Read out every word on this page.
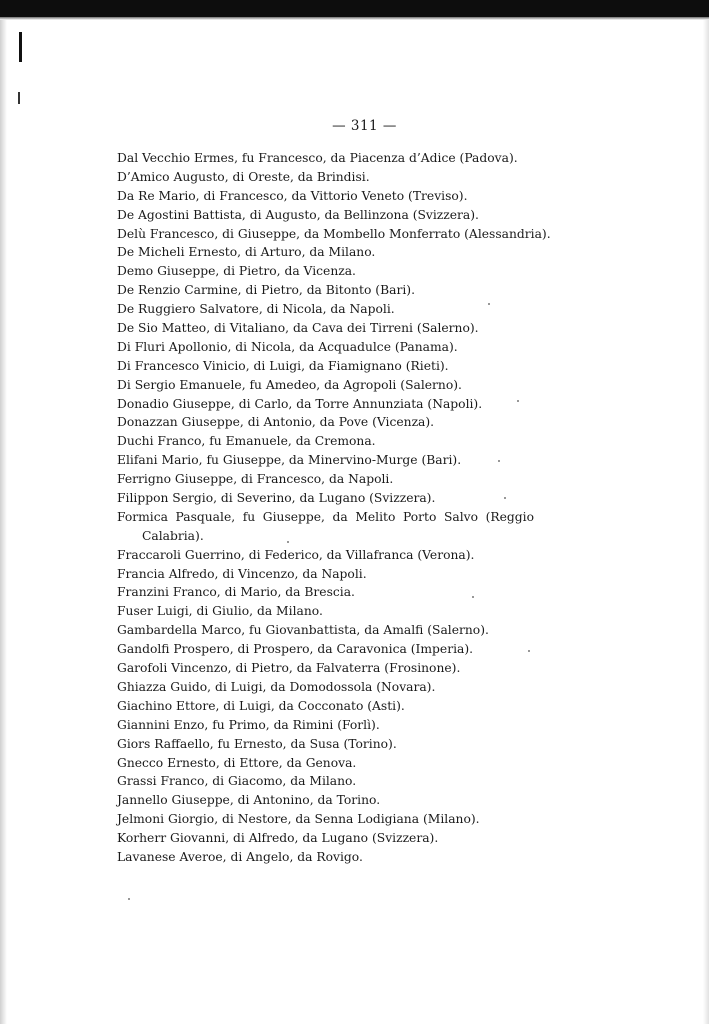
— 311 —
Dal Vecchio Ermes, fu Francesco, da Piacenza d’Adice (Padova).
D’Amico Augusto, di Oreste, da Brindisi.
Da Re Mario, di Francesco, da Vittorio Veneto (Treviso).
De Agostini Battista, di Augusto, da Bellinzona (Svizzera).
Delù Francesco, di Giuseppe, da Mombello Monferrato (Alessandria).
De Micheli Ernesto, di Arturo, da Milano.
Demo Giuseppe, di Pietro, da Vicenza.
De Renzio Carmine, di Pietro, da Bitonto (Bari).
De Ruggiero Salvatore, di Nicola, da Napoli.
De Sio Matteo, di Vitaliano, da Cava dei Tirreni (Salerno).
Di Fluri Apollonio, di Nicola, da Acquadulce (Panama).
Di Francesco Vinicio, di Luigi, da Fiamignano (Rieti).
Di Sergio Emanuele, fu Amedeo, da Agropoli (Salerno).
Donadio Giuseppe, di Carlo, da Torre Annunziata (Napoli).
Donazzan Giuseppe, di Antonio, da Pove (Vicenza).
Duchi Franco, fu Emanuele, da Cremona.
Elifani Mario, fu Giuseppe, da Minervino-Murge (Bari).
Ferrigno Giuseppe, di Francesco, da Napoli.
Filippon Sergio, di Severino, da Lugano (Svizzera).
Formica Pasquale, fu Giuseppe, da Melito Porto Salvo (Reggio
Calabria).
Fraccaroli Guerrino, di Federico, da Villafranca (Verona).
Francia Alfredo, di Vincenzo, da Napoli.
Franzini Franco, di Mario, da Brescia.
Fuser Luigi, di Giulio, da Milano.
Gambardella Marco, fu Giovanbattista, da Amalfi (Salerno).
Gandolfi Prospero, di Prospero, da Caravonica (Imperia).
Garofoli Vincenzo, di Pietro, da Falvaterra (Frosinone).
Ghiazza Guido, di Luigi, da Domodossola (Novara).
Giachino Ettore, di Luigi, da Cocconato (Asti).
Giannini Enzo, fu Primo, da Rimini (Forlì).
Giors Raffaello, fu Ernesto, da Susa (Torino).
Gnecco Ernesto, di Ettore, da Genova.
Grassi Franco, di Giacomo, da Milano.
Jannello Giuseppe, di Antonino, da Torino.
Jelmoni Giorgio, di Nestore, da Senna Lodigiana (Milano).
Korherr Giovanni, di Alfredo, da Lugano (Svizzera).
Lavanese Averoe, di Angelo, da Rovigo.
